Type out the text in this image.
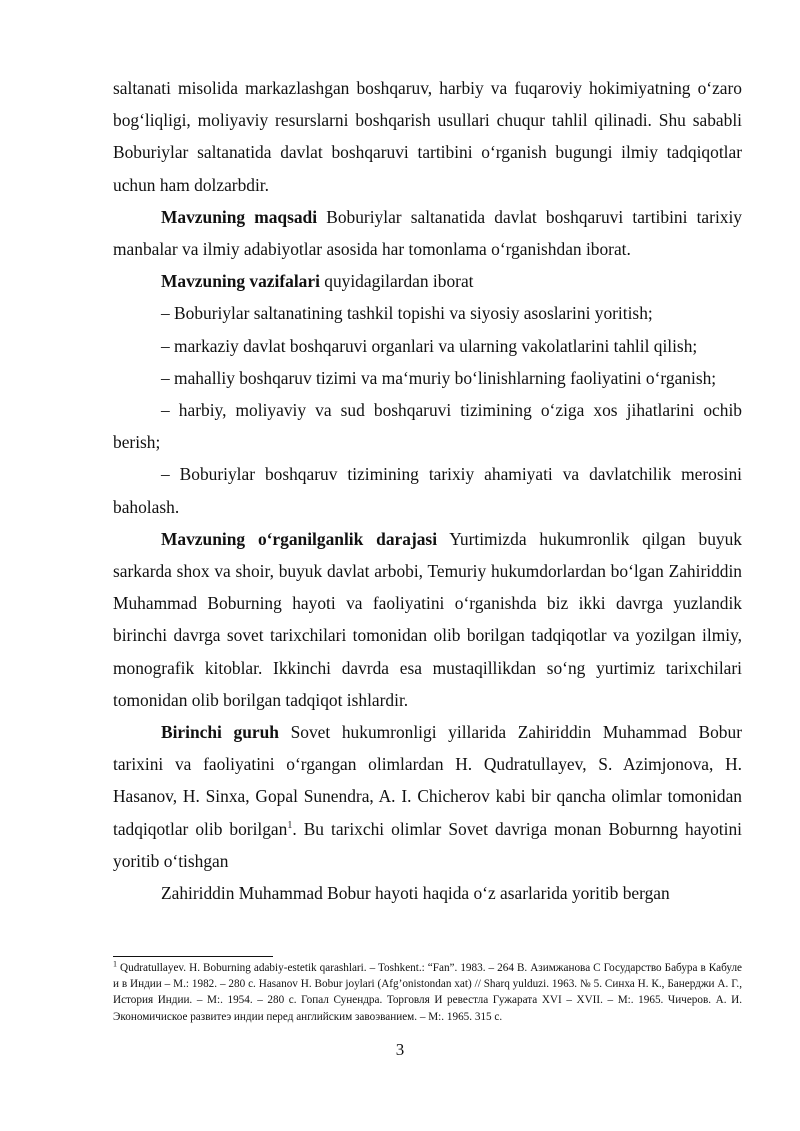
saltanati misolida markazlashgan boshqaruv, harbiy va fuqaroviy hokimiyatning o‘zaro bog‘liqligi, moliyaviy resurslarni boshqarish usullari chuqur tahlil qilinadi. Shu sababli Boburiylar saltanatida davlat boshqaruvi tartibini o‘rganish bugungi ilmiy tadqiqotlar uchun ham dolzarbdir.

Mavzuning maqsadi Boburiylar saltanatida davlat boshqaruvi tartibini tarixiy manbalar va ilmiy adabiyotlar asosida har tomonlama o‘rganishdan iborat.

Mavzuning vazifalari quyidagilardan iborat

– Boburiylar saltanatining tashkil topishi va siyosiy asoslarini yoritish;

– markaziy davlat boshqaruvi organlari va ularning vakolatlarini tahlil qilish;

– mahalliy boshqaruv tizimi va ma‘muriy bo‘linishlarning faoliyatini o‘rganish;

– harbiy, moliyaviy va sud boshqaruvi tizimining o‘ziga xos jihatlarini ochib berish;

– Boburiylar boshqaruv tizimining tarixiy ahamiyati va davlatchilik merosini baholash.

Mavzuning o‘rganilganlik darajasi Yurtimizda hukumronlik qilgan buyuk sarkarda shox va shoir, buyuk davlat arbobi, Temuriy hukumdorlardan bo‘lgan Zahiriddin Muhammad Boburning hayoti va faoliyatini o‘rganishda biz ikki davrga yuzlandik birinchi davrga sovet tarixchilari tomonidan olib borilgan tadqiqotlar va yozilgan ilmiy, monografik kitoblar. Ikkinchi davrda esa mustaqillikdan so‘ng yurtimiz tarixchilari tomonidan olib borilgan tadqiqot ishlardir.

Birinchi guruh Sovet hukumronligi yillarida Zahiriddin Muhammad Bobur tarixini va faoliyatini o‘rgangan olimlardan H. Qudratullayev, S. Azimjonova, H. Hasanov, H. Sinxa, Gopal Sunendra, A. I. Chicherov kabi bir qancha olimlar tomonidan tadqiqotlar olib borilgan$^1$. Bu tarixchi olimlar Sovet davriga monan Boburnng hayotini yoritib o‘tishgan

Zahiriddin Muhammad Bobur hayoti haqida o‘z asarlarida yoritib bergan

$^1$ Qudratullayev. H. Boburning adabiy-estetik qarashlari. – Toshkent.: “Fan”. 1983. – 264 B. Азимжанова С Государство Бабура в Кабуле и в Индии – М.: 1982. – 280 с. Hasanov H. Bobur joylari (Afg’onistondan xat) // Sharq yulduzi. 1963. № 5. Синха Н. К., Банерджи А. Г., История Индии. – М:. 1954. – 280 с. Гопал Сунендра. Торговля И ревестла Гужарата XVI – XVII. – М:. 1965. Чичеров. А. И. Экономичиское развитеэ индии перед английским завоэванием. – М:. 1965. 315 с.

3
